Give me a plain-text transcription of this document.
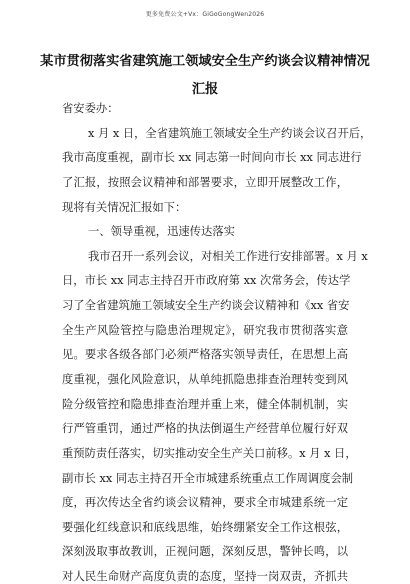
更多免费公文+Vx：GiGoGongWen2026
某市贯彻落实省建筑施工领域安全生产约谈会议精神情况
汇报
省安委办：
x 月 x 日，全省建筑施工领域安全生产约谈会议召开后，
我市高度重视，副市长 xx 同志第一时间向市长 xx 同志进行
了汇报，按照会议精神和部署要求，立即开展整改工作，
现将有关情况汇报如下：
一、领导重视，迅速传达落实
我市召开一系列会议，对相关工作进行安排部署。x 月 x
日，市长 xx 同志主持召开市政府第 xx 次常务会，传达学
习了全省建筑施工领域安全生产约谈会议精神和《xx 省安
全生产风险管控与隐患治理规定》，研究我市贯彻落实意
见。要求各级各部门必须严格落实领导责任，在思想上高
度重视，强化风险意识，从单纯抓隐患排查治理转变到风
险分级管控和隐患排查治理并重上来，健全体制机制，实
行严管重罚，通过严格的执法倒逼生产经营单位履行好双
重预防责任落实，切实推动安全生产关口前移。x 月 x 日，
副市长 xx 同志主持召开全市城建系统重点工作周调度会制
度，再次传达全省约谈会议精神，要求全市城建系统一定
要强化红线意识和底线思维，始终绷紧安全工作这根弦，
深刻汲取事故教训，正视问题，深刻反思，警钟长鸣，以
对人民生命财产高度负责的态度，坚持一岗双责，齐抓共
